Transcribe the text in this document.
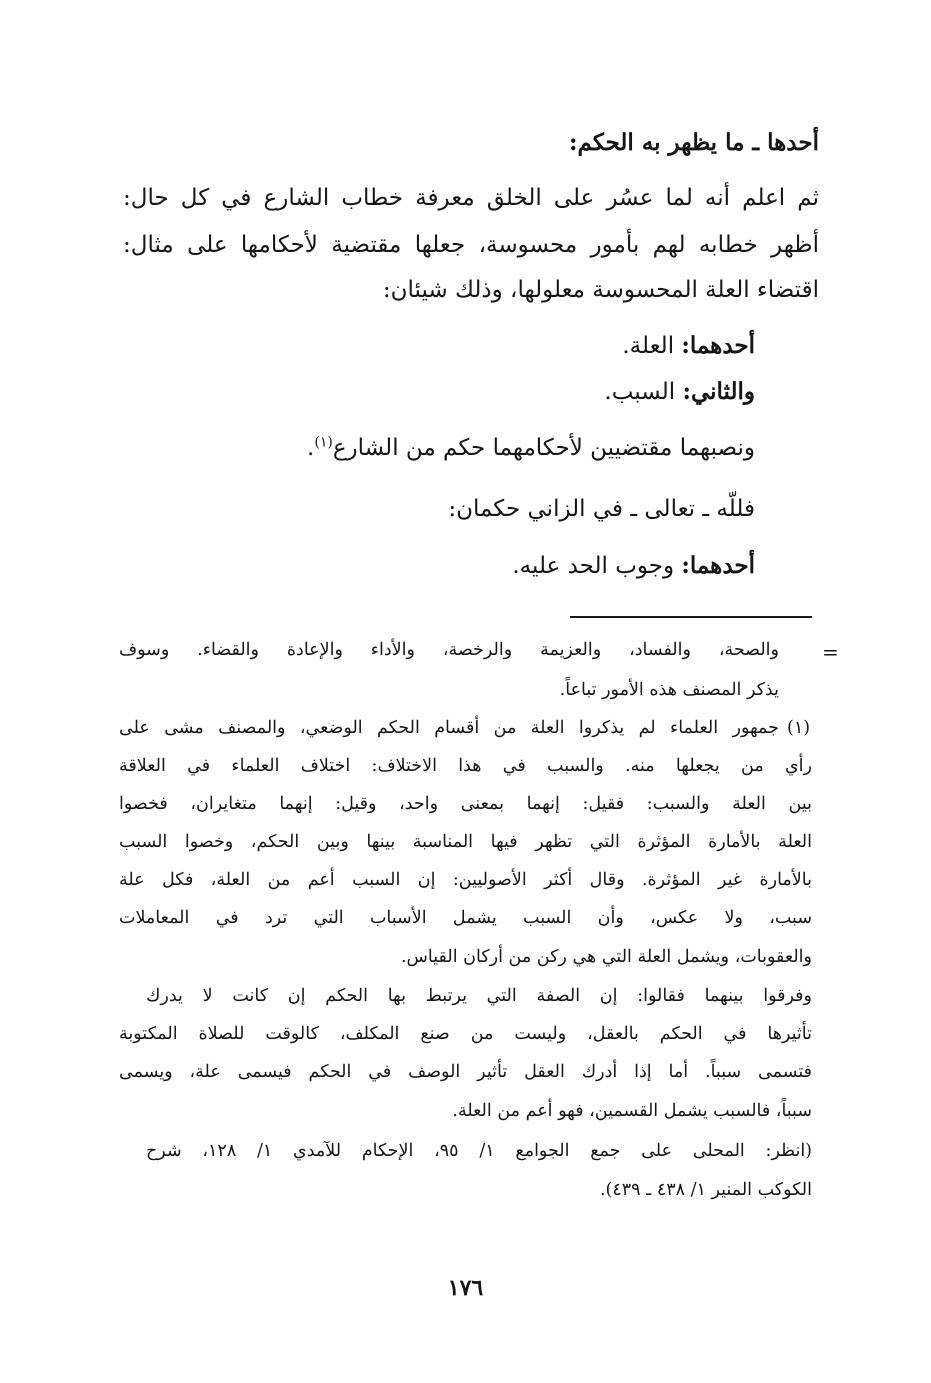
أحدها ـ ما يظهر به الحكم:
ثم اعلم أنه لما عسُر على الخلق معرفة خطاب الشارع في كل حال:
أظهر خطابه لهم بأمور محسوسة، جعلها مقتضية لأحكامها على مثال:
اقتضاء العلة المحسوسة معلولها، وذلك شيئان:
أحدهما: العلة.
والثاني: السبب.
ونصبهما مقتضيين لأحكامهما حكم من الشارع$^{(١)}$.
فللّه ـ تعالى ـ في الزاني حكمان:
أحدهما: وجوب الحد عليه.
=
والصحة، والفساد، والعزيمة والرخصة، والأداء والإعادة والقضاء. وسوف
يذكر المصنف هذه الأمور تباعاً.
(١)
جمهور العلماء لم يذكروا العلة من أقسام الحكم الوضعي، والمصنف مشى على
رأي من يجعلها منه. والسبب في هذا الاختلاف: اختلاف العلماء في العلاقة
بين العلة والسبب: فقيل: إنهما بمعنى واحد، وقيل: إنهما متغايران، فخصوا
العلة بالأمارة المؤثرة التي تظهر فيها المناسبة بينها وبين الحكم، وخصوا السبب
بالأمارة غير المؤثرة. وقال أكثر الأصوليين: إن السبب أعم من العلة، فكل علة
سبب، ولا عكس، وأن السبب يشمل الأسباب التي ترد في المعاملات
والعقوبات، ويشمل العلة التي هي ركن من أركان القياس.
وفرقوا بينهما فقالوا: إن الصفة التي يرتبط بها الحكم إن كانت لا يدرك
تأثيرها في الحكم بالعقل، وليست من صنع المكلف، كالوقت للصلاة المكتوبة
فتسمى سبباً. أما إذا أدرك العقل تأثير الوصف في الحكم فيسمى علة، ويسمى
سبباً، فالسبب يشمل القسمين، فهو أعم من العلة.
(انظر: المحلى على جمع الجوامع ١/ ٩٥، الإحكام للآمدي ١/ ١٢٨، شرح
الكوكب المنير ١/ ٤٣٨ ـ ٤٣٩).
١٧٦
